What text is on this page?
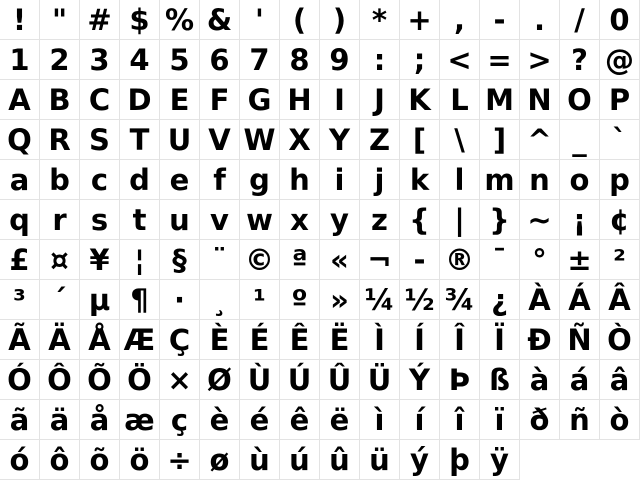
! " # $ % & ' ( ) * + , - .	/ 0
1 2 3 4 5 6 7 8 9 : ; < = > ? @
A B C D E F G H I	J K L M N O P
Q R S T U V W X Y Z [ \ ] ^ _ `
a b c d e f g h i	j k l m n o p
q r s t u v w x y z { | } ~ ¡ ¢
£ ¤ ¥ ¦ § ¨ © ª « ¬ - ® ¯ ° ± ²
³ ´ µ ¶ · ¸ ¹ º » ¼ ½ ¾ ¿ À Á Â
Ã Ä Å Æ Ç È É Ê Ë Ì	Í	Î	Ï Ð Ñ Ò
Ó Ô Õ Ö × Ø Ù Ú Û Ü Ý Þ ß à á â
ã ä å æ ç è é ê ë ì	í	î	ï ð ñ ò
ó ô õ ö ÷ ø ù ú û ü ý þ ÿ
